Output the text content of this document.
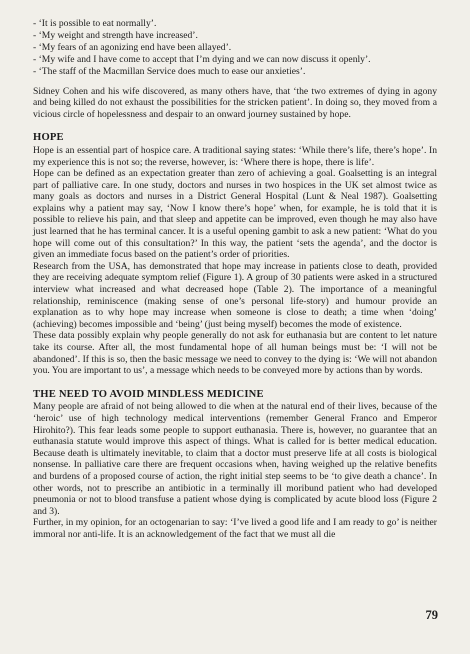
- ‘It is possible to eat normally’.
- ‘My weight and strength have increased’.
- ‘My fears of an agonizing end have been allayed’.
- ‘My wife and I have come to accept that I’m dying and we can now discuss it openly’.
- ‘The staff of the Macmillan Service does much to ease our anxieties’.

Sidney Cohen and his wife discovered, as many others have, that ‘the two extremes of dying in agony and being killed do not exhaust the possibilities for the stricken patient’. In doing so, they moved from a vicious circle of hopelessness and despair to an onward journey sustained by hope.

HOPE

Hope is an essential part of hospice care. A traditional saying states: ‘While there’s life, there’s hope’. In my experience this is not so; the reverse, however, is: ‘Where there is hope, there is life’.

Hope can be defined as an expectation greater than zero of achieving a goal. Goalsetting is an integral part of palliative care. In one study, doctors and nurses in two hospices in the UK set almost twice as many goals as doctors and nurses in a District General Hospital (Lunt & Neal 1987). Goalsetting explains why a patient may say, ‘Now I know there’s hope’ when, for example, he is told that it is possible to relieve his pain, and that sleep and appetite can be improved, even though he may also have just learned that he has terminal cancer. It is a useful opening gambit to ask a new patient: ‘What do you hope will come out of this consultation?’ In this way, the patient ‘sets the agenda’, and the doctor is given an immediate focus based on the patient’s order of priorities.

Research from the USA, has demonstrated that hope may increase in patients close to death, provided they are receiving adequate symptom relief (Figure 1). A group of 30 patients were asked in a structured interview what increased and what decreased hope (Table 2). The importance of a meaningful relationship, reminiscence (making sense of one’s personal life-story) and humour provide an explanation as to why hope may increase when someone is close to death; a time when ‘doing’ (achieving) becomes impossible and ‘being’ (just being myself) becomes the mode of existence.

These data possibly explain why people generally do not ask for euthanasia but are content to let nature take its course. After all, the most fundamental hope of all human beings must be: ‘I will not be abandoned’. If this is so, then the basic message we need to convey to the dying is: ‘We will not abandon you. You are important to us’, a message which needs to be conveyed more by actions than by words.

THE NEED TO AVOID MINDLESS MEDICINE

Many people are afraid of not being allowed to die when at the natural end of their lives, because of the ‘heroic’ use of high technology medical interventions (remember General Franco and Emperor Hirohito?). This fear leads some people to support euthanasia. There is, however, no guarantee that an euthanasia statute would improve this aspect of things. What is called for is better medical education. Because death is ultimately inevitable, to claim that a doctor must preserve life at all costs is biological nonsense. In palliative care there are frequent occasions when, having weighed up the relative benefits and burdens of a proposed course of action, the right initial step seems to be ‘to give death a chance’. In other words, not to prescribe an antibiotic in a terminally ill moribund patient who had developed pneumonia or not to blood transfuse a patient whose dying is complicated by acute blood loss (Figure 2 and 3).

Further, in my opinion, for an octogenarian to say: ‘I’ve lived a good life and I am ready to go’ is neither immoral nor anti-life. It is an acknowledgement of the fact that we must all die

79
